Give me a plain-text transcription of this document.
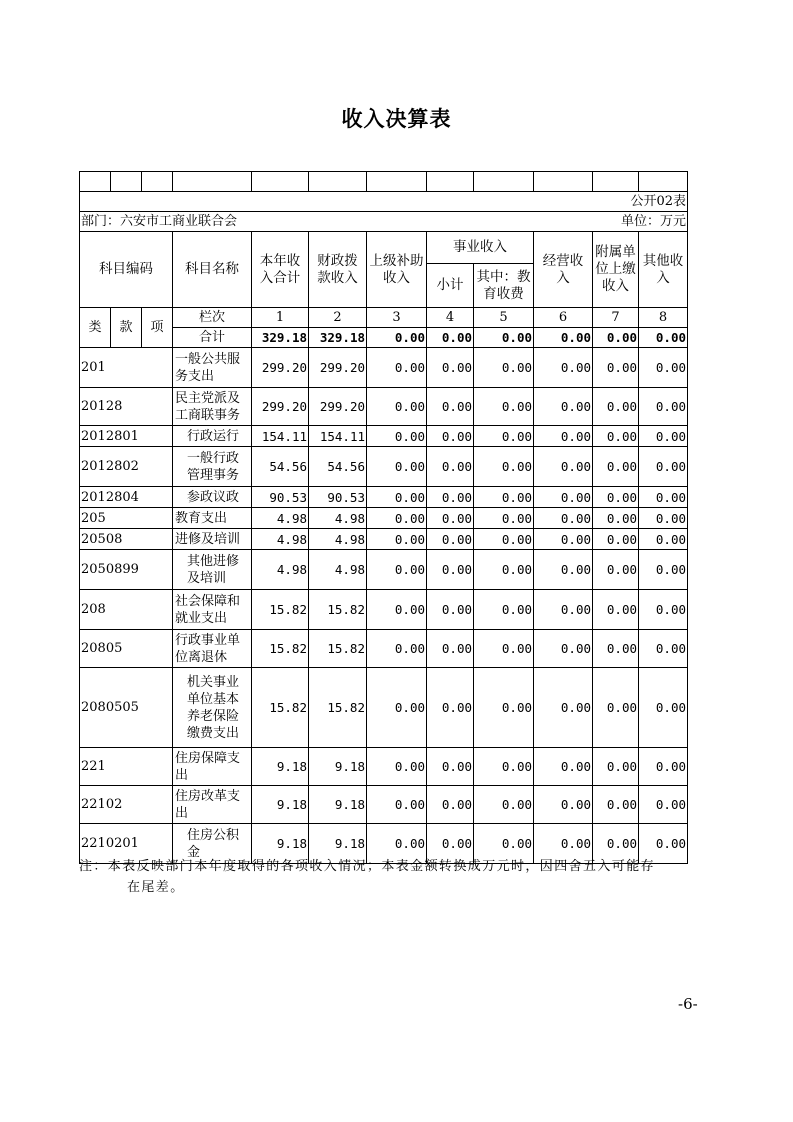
收入决算表

公开02表											

部门：六安市工商业联合会 单位：万元											

科目编码			科目名称	本年收入合计	财政拨款收入	上级补助收入	事业收入		经营收入	附属单位上缴收入	其他收入

							小计	其中：教育收费			

类	款	项	栏次	1	2	3	4	5	6	7	8
			合计	329.18	329.18	0.00	0.00	0.00	0.00	0.00	0.00
201			一般公共服务支出	299.20	299.20	0.00	0.00	0.00	0.00	0.00	0.00
20128			民主党派及工商联事务	299.20	299.20	0.00	0.00	0.00	0.00	0.00	0.00
2012801			行政运行	154.11	154.11	0.00	0.00	0.00	0.00	0.00	0.00
2012802			一般行政管理事务	54.56	54.56	0.00	0.00	0.00	0.00	0.00	0.00
2012804			参政议政	90.53	90.53	0.00	0.00	0.00	0.00	0.00	0.00
205			教育支出	4.98	4.98	0.00	0.00	0.00	0.00	0.00	0.00
20508			进修及培训	4.98	4.98	0.00	0.00	0.00	0.00	0.00	0.00
2050899			其他进修及培训	4.98	4.98	0.00	0.00	0.00	0.00	0.00	0.00
208			社会保障和就业支出	15.82	15.82	0.00	0.00	0.00	0.00	0.00	0.00
20805			行政事业单位离退休	15.82	15.82	0.00	0.00	0.00	0.00	0.00	0.00
2080505			机关事业单位基本养老保险缴费支出	15.82	15.82	0.00	0.00	0.00	0.00	0.00	0.00
221			住房保障支出	9.18	9.18	0.00	0.00	0.00	0.00	0.00	0.00
22102			住房改革支出	9.18	9.18	0.00	0.00	0.00	0.00	0.00	0.00
2210201			住房公积金	9.18	9.18	0.00	0.00	0.00	0.00	0.00	0.00
注：本表反映部门本年度取得的各项收入情况；本表金额转换成万元时，因四舍五入可能存
在尾差。
-6-
